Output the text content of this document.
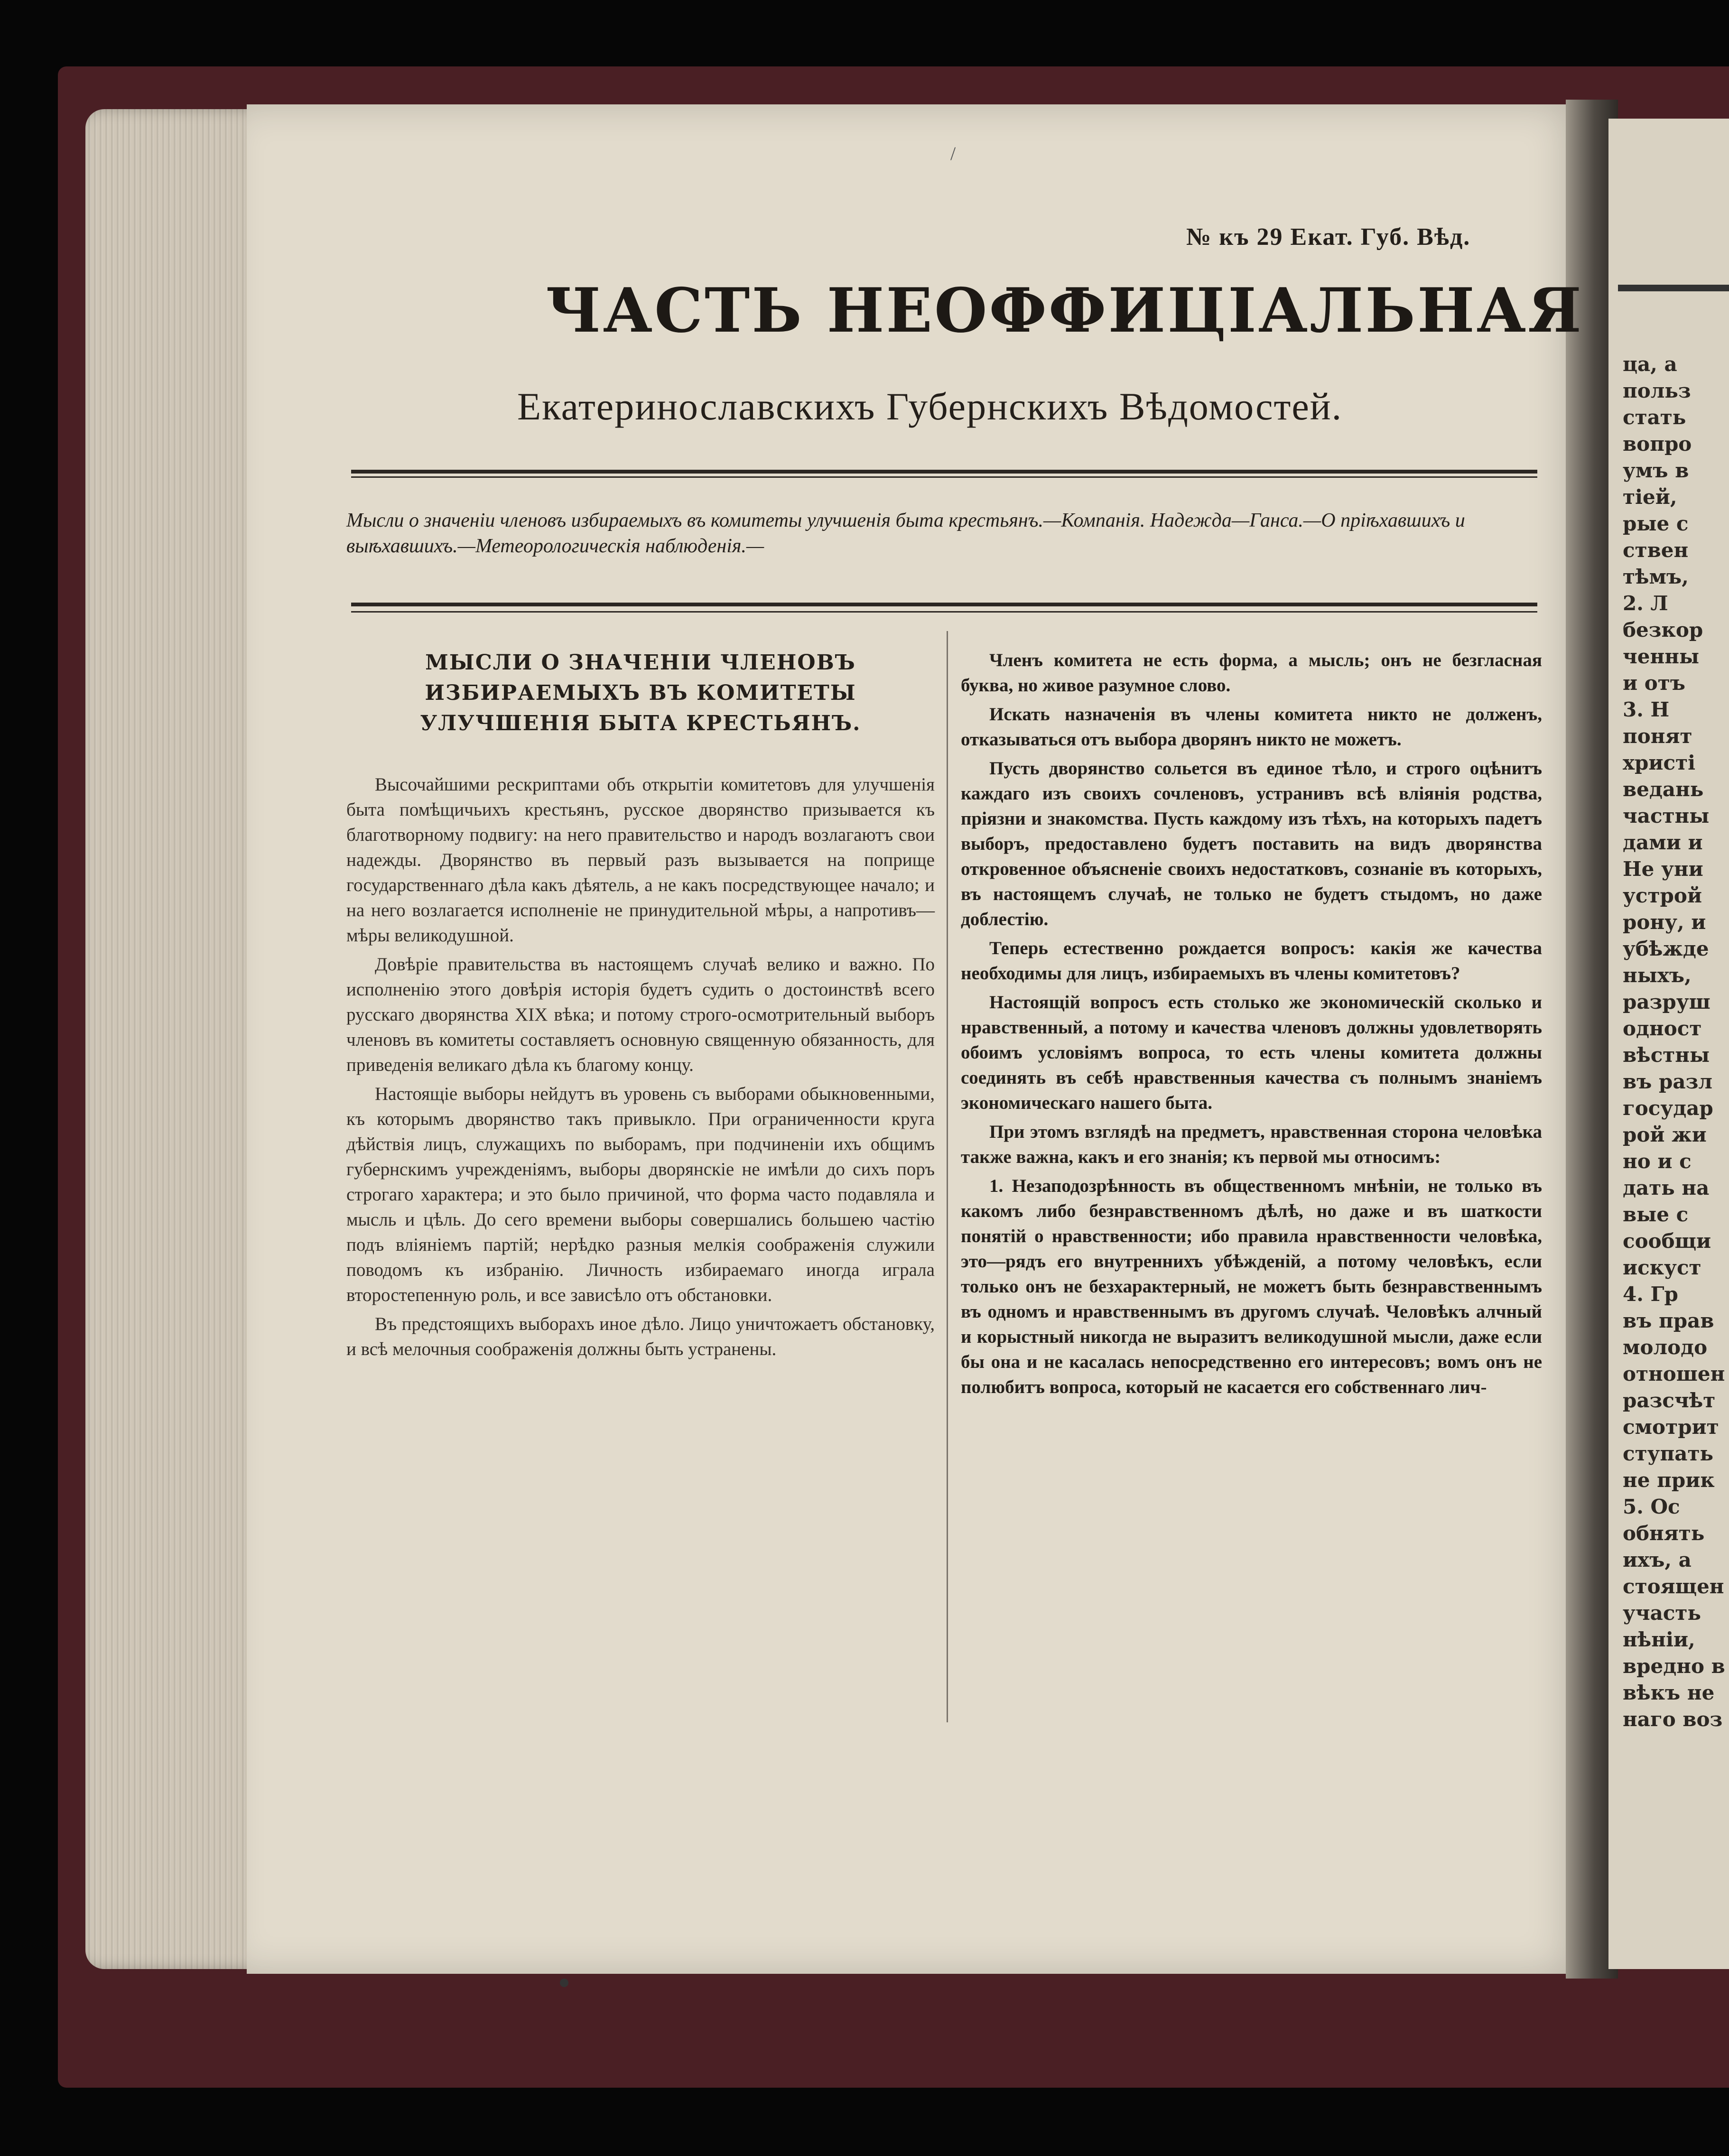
ца, а
польз
стать
вопро
умъ в
тіей,
рые с
ствен
тѣмъ,
2. Л
безкор
ченны
и отъ
3. Н
понят
христі
ведань
частны
дами и
Не уни
устрой
рону, и
убѣжде
ныхъ,
разруш
одност
вѣстны
въ разл
государ
рой жи
но и с
дать на
вые с
сообщи
искуст
4. Гр
въ прав
молодо
отношен
разсчѣт
смотрит
ступать
не прик
5. Ос
обнять
ихъ, а
стоящен
участь
нѣніи,
вредно в
вѣкъ не
наго воз
/

№ къ 29 Екат. Губ. Вѣд.

ЧАСТЬ НЕОФФИЦІАЛЬНАЯ
Екатеринославскихъ Губернскихъ Вѣдомостей.

Мысли о значеніи членовъ избираемыхъ въ комитеты улучшенія быта крестьянъ.—Компанія. Надежда—Ганса.—О пріѣхавшихъ и выѣхавшихъ.—Метеорологическія наблюденія.—

МЫСЛИ О ЗНАЧЕНІИ ЧЛЕНОВЪ ИЗБИРАЕМЫХЪ ВЪ КОМИТЕТЫ УЛУЧШЕНІЯ БЫТА КРЕСТЬЯНЪ.

Высочайшими рескриптами объ открытіи комитетовъ для улучшенія быта помѣщичьихъ крестьянъ, русское дворянство призывается къ благотворному подвигу: на него правительство и народъ возлагаютъ свои надежды. Дворянство въ первый разъ вызывается на поприще государственнаго дѣла какъ дѣятель, а не какъ посредствующее начало; и на него возлагается исполненіе не принудительной мѣры, а напротивъ—мѣры великодушной.

Довѣріе правительства въ настоящемъ случаѣ велико и важно. По исполненію этого довѣрія исторія будетъ судить о достоинствѣ всего русскаго дворянства XIX вѣка; и потому строго-осмотрительный выборъ членовъ въ комитеты составляетъ основную священную обязанность, для приведенія великаго дѣла къ благому концу.

Настоящіе выборы нейдутъ въ уровень съ выборами обыкновенными, къ которымъ дворянство такъ привыкло. При ограниченности круга дѣйствія лицъ, служащихъ по выборамъ, при подчиненіи ихъ общимъ губернскимъ учрежденіямъ, выборы дворянскіе не имѣли до сихъ поръ строгаго характера; и это было причиной, что форма часто подавляла и мысль и цѣль. До сего времени выборы совершались большею частію подъ вліяніемъ партій; нерѣдко разныя мелкія соображенія служили поводомъ къ избранію. Личность избираемаго иногда играла второстепенную роль, и все зависѣло отъ обстановки.

Въ предстоящихъ выборахъ иное дѣло. Лицо уничтожаетъ обстановку, и всѣ мелочныя соображенія должны быть устранены.

Членъ комитета не есть форма, а мысль; онъ не безгласная буква, но живое разумное слово.

Искать назначенія въ члены комитета никто не долженъ, отказываться отъ выбора дворянъ никто не можетъ.

Пусть дворянство сольется въ единое тѣло, и строго оцѣнитъ каждаго изъ своихъ сочленовъ, устранивъ всѣ вліянія родства, пріязни и знакомства. Пусть каждому изъ тѣхъ, на которыхъ падетъ выборъ, предоставлено будетъ поставить на видъ дворянства откровенное объясненіе своихъ недостатковъ, сознаніе въ которыхъ, въ настоящемъ случаѣ, не только не будетъ стыдомъ, но даже доблестію.

Теперь естественно рождается вопросъ: какія же качества необходимы для лицъ, избираемыхъ въ члены комитетовъ?

Настоящій вопросъ есть столько же экономическій сколько и нравственный, а потому и качества членовъ должны удовлетворять обоимъ условіямъ вопроса, то есть члены комитета должны соединять въ себѣ нравственныя качества съ полнымъ знаніемъ экономическаго нашего быта.

При этомъ взглядѣ на предметъ, нравственная сторона человѣка также важна, какъ и его знанія; къ первой мы относимъ:

1. Незаподозрѣнность въ общественномъ мнѣніи, не только въ какомъ либо безнравственномъ дѣлѣ, но даже и въ шаткости понятій о нравственности; ибо правила нравственности человѣка, это—рядъ его внутреннихъ убѣжденій, а потому человѣкъ, если только онъ не безхарактерный, не можетъ быть безнравственнымъ въ одномъ и нравственнымъ въ другомъ случаѣ. Человѣкъ алчный и корыстный никогда не выразитъ великодушной мысли, даже если бы она и не касалась непосредственно его интересовъ; вомъ онъ не полюбитъ вопроса, который не касается его собственнаго лич-
